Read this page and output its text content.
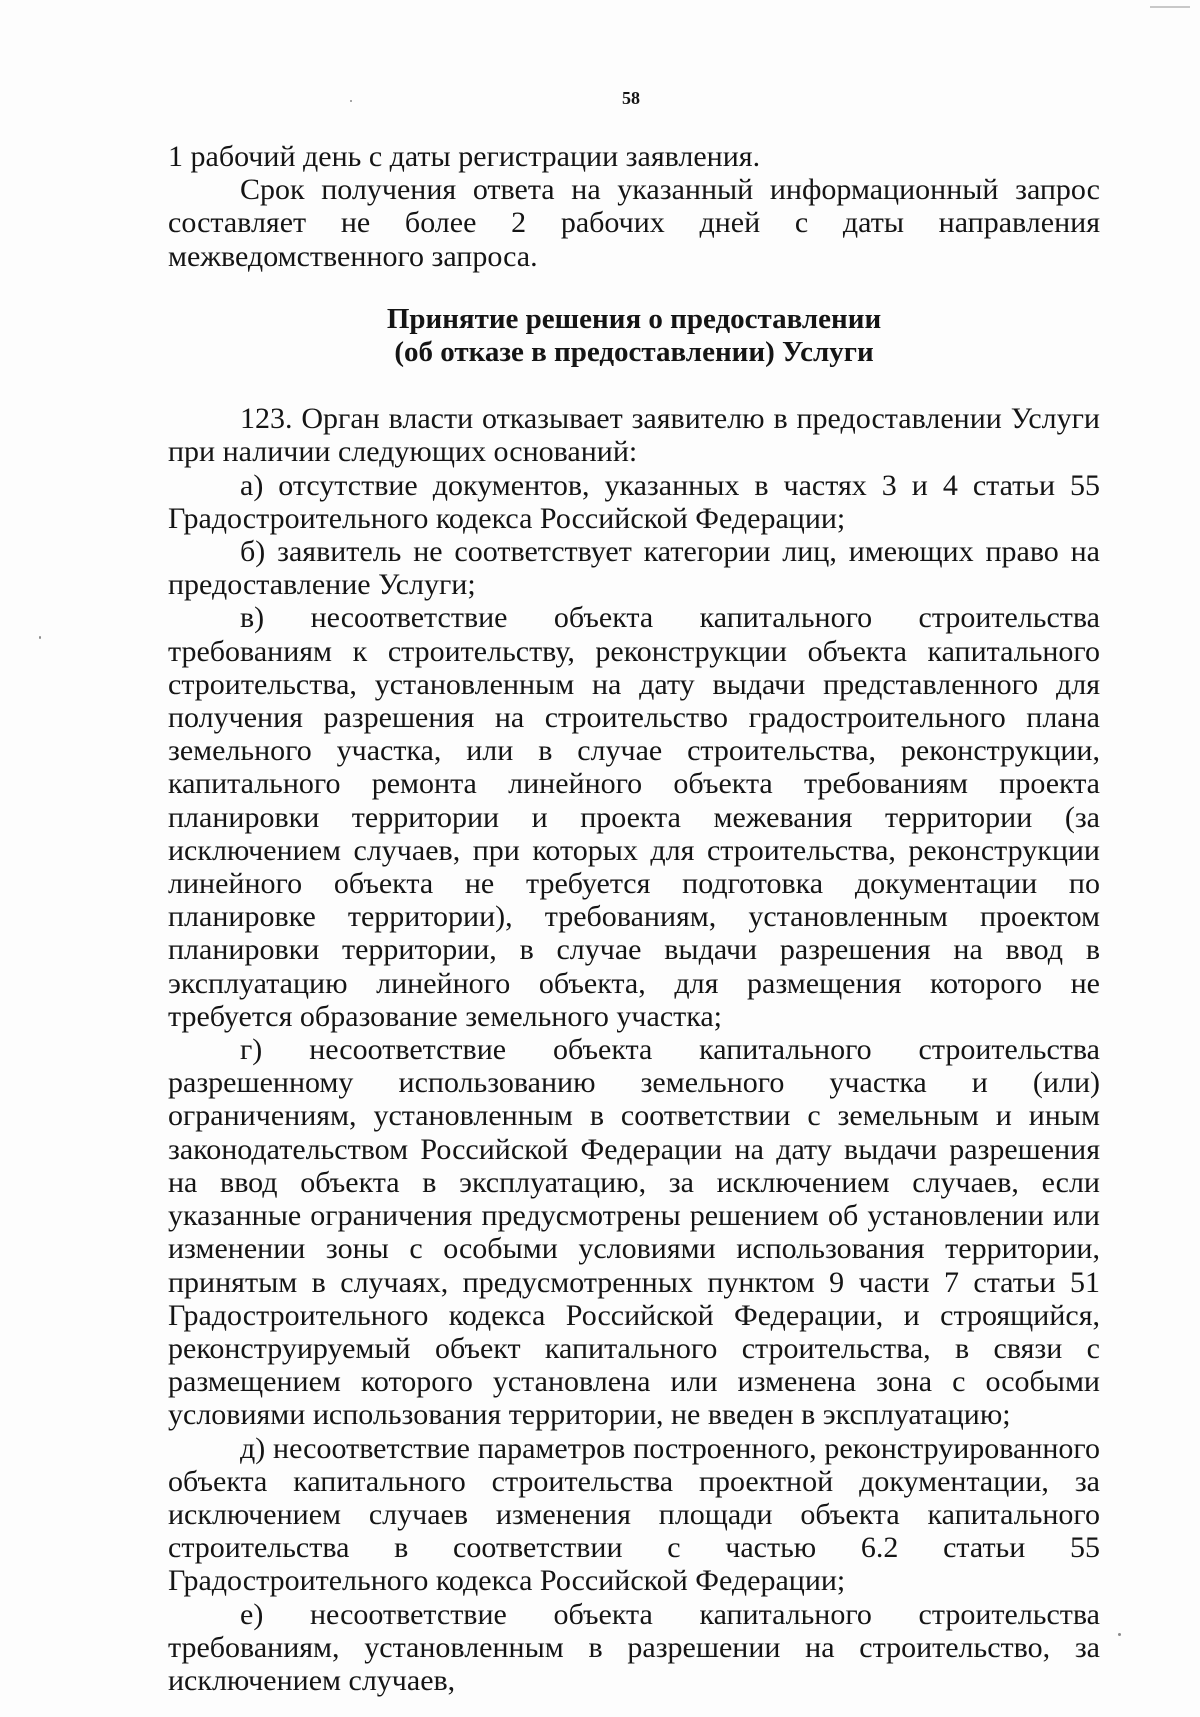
58

1 рабочий день с даты регистрации заявления.

Срок получения ответа на указанный информационный запрос составляет не более 2 рабочих дней с даты направления межведомственного запроса.

Принятие решения о предоставлении
(об отказе в предоставлении) Услуги

123. Орган власти отказывает заявителю в предоставлении Услуги при наличии следующих оснований:

а) отсутствие документов, указанных в частях 3 и 4 статьи 55 Градостроительного кодекса Российской Федерации;

б) заявитель не соответствует категории лиц, имеющих право на предоставление Услуги;

в) несоответствие объекта капитального строительства требованиям к строительству, реконструкции объекта капитального строительства, установленным на дату выдачи представленного для получения разрешения на строительство градостроительного плана земельного участка, или в случае строительства, реконструкции, капитального ремонта линейного объекта требованиям проекта планировки территории и проекта межевания территории (за исключением случаев, при которых для строительства, реконструкции линейного объекта не требуется подготовка документации по планировке территории), требованиям, установленным проектом планировки территории, в случае выдачи разрешения на ввод в эксплуатацию линейного объекта, для размещения которого не требуется образование земельного участка;

г) несоответствие объекта капитального строительства разрешенному использованию земельного участка и (или) ограничениям, установленным в соответствии с земельным и иным законодательством Российской Федерации на дату выдачи разрешения на ввод объекта в эксплуатацию, за исключением случаев, если указанные ограничения предусмотрены решением об установлении или изменении зоны с особыми условиями использования территории, принятым в случаях, предусмотренных пунктом 9 части 7 статьи 51 Градостроительного кодекса Российской Федерации, и строящийся, реконструируемый объект капитального строительства, в связи с размещением которого установлена или изменена зона с особыми условиями использования территории, не введен в эксплуатацию;

д) несоответствие параметров построенного, реконструированного объекта капитального строительства проектной документации, за исключением случаев изменения площади объекта капитального строительства в соответствии с частью 6.2 статьи 55 Градостроительного кодекса Российской Федерации;

е) несоответствие объекта капитального строительства требованиям, установленным в разрешении на строительство, за исключением случаев,
